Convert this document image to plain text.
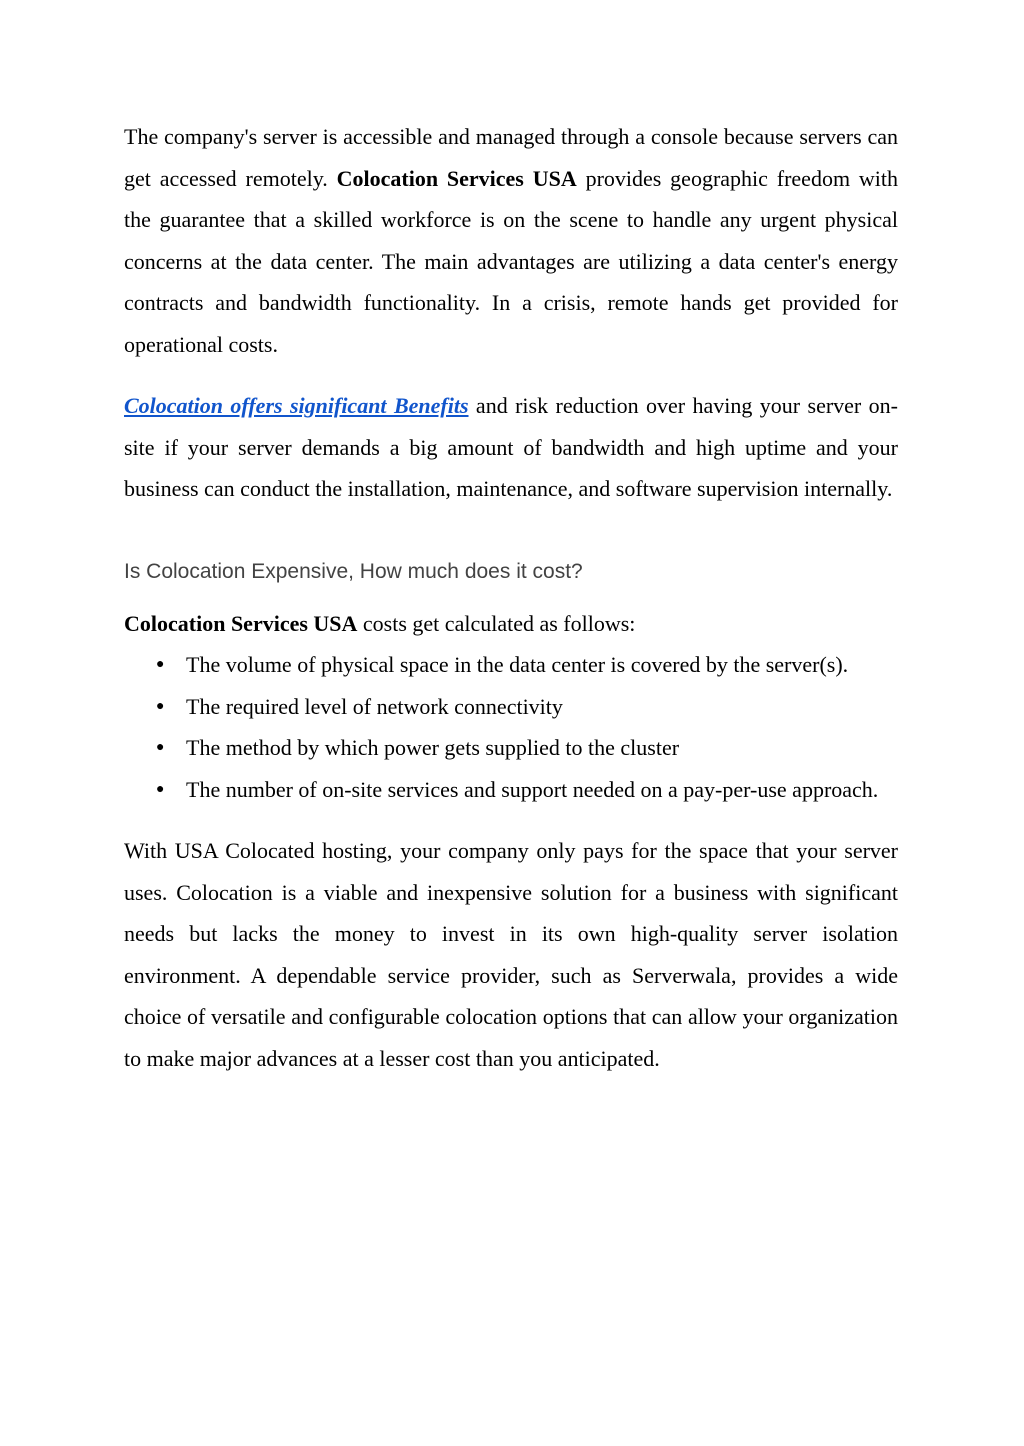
The company's server is accessible and managed through a console because servers can get accessed remotely. Colocation Services USA provides geographic freedom with the guarantee that a skilled workforce is on the scene to handle any urgent physical concerns at the data center. The main advantages are utilizing a data center's energy contracts and bandwidth functionality. In a crisis, remote hands get provided for operational costs.

Colocation offers significant Benefits and risk reduction over having your server on-site if your server demands a big amount of bandwidth and high uptime and your business can conduct the installation, maintenance, and software supervision internally.

Is Colocation Expensive, How much does it cost?

Colocation Services USA costs get calculated as follows:

● The volume of physical space in the data center is covered by the server(s).
● The required level of network connectivity
● The method by which power gets supplied to the cluster
● The number of on-site services and support needed on a pay-per-use approach.

With USA Colocated hosting, your company only pays for the space that your server uses. Colocation is a viable and inexpensive solution for a business with significant needs but lacks the money to invest in its own high-quality server isolation environment. A dependable service provider, such as Serverwala, provides a wide choice of versatile and configurable colocation options that can allow your organization to make major advances at a lesser cost than you anticipated.
